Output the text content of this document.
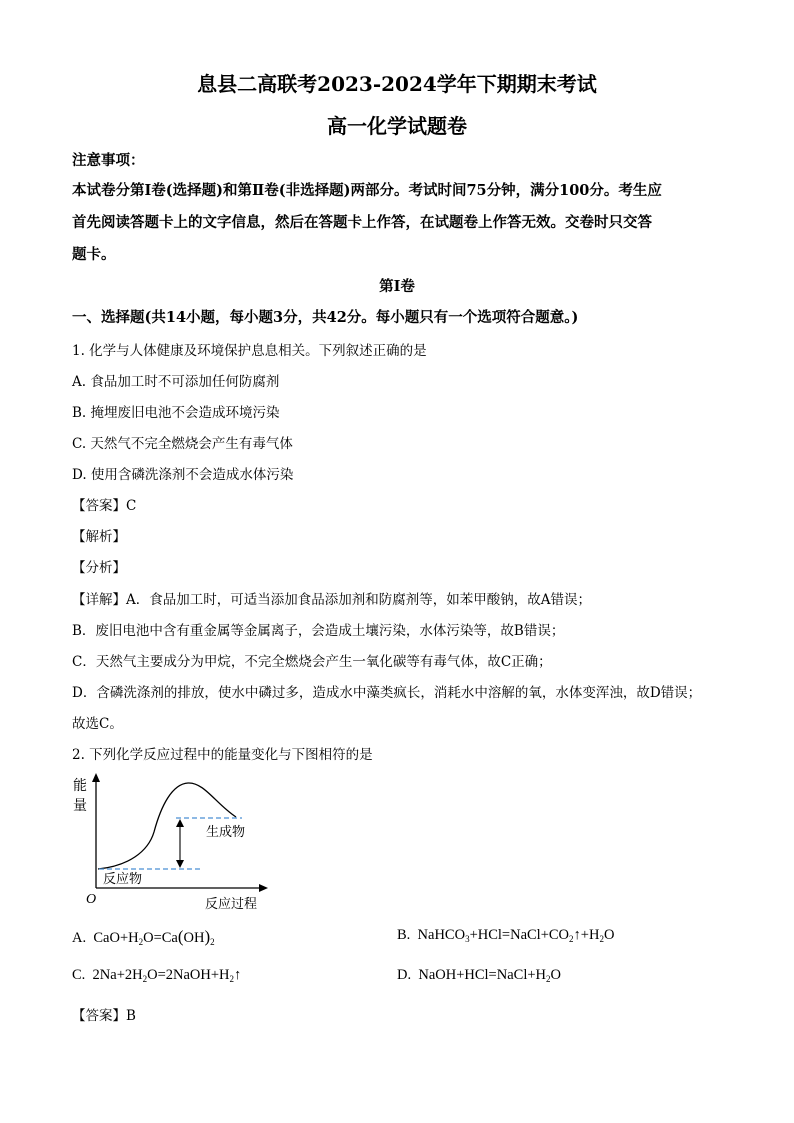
息县二高联考2023-2024学年下期期末考试
高一化学试题卷
注意事项：
本试卷分第Ⅰ卷(选择题)和第Ⅱ卷(非选择题)两部分。考试时间75分钟，满分100分。考生应
首先阅读答题卡上的文字信息，然后在答题卡上作答，在试题卷上作答无效。交卷时只交答
题卡。
第Ⅰ卷
一、选择题(共14小题，每小题3分，共42分。每小题只有一个选项符合题意。)
1. 化学与人体健康及环境保护息息相关。下列叙述正确的是
A. 食品加工时不可添加任何防腐剂
B. 掩埋废旧电池不会造成环境污染
C. 天然气不完全燃烧会产生有毒气体
D. 使用含磷洗涤剂不会造成水体污染
【答案】C
【解析】
【分析】
【详解】A．食品加工时，可适当添加食品添加剂和防腐剂等，如苯甲酸钠，故A错误；
B．废旧电池中含有重金属等金属离子，会造成土壤污染，水体污染等，故B错误；
C．天然气主要成分为甲烷，不完全燃烧会产生一氧化碳等有毒气体，故C正确；
D．含磷洗涤剂的排放，使水中磷过多，造成水中藻类疯长，消耗水中溶解的氧，水体变浑浊，故D错误；
故选C。
2. 下列化学反应过程中的能量变化与下图相符的是
能
量
O	反应过程
生成物
反应物
A.  $CaO+H_2O=Ca(OH)_2$	B.  $NaHCO_3+HCl=NaCl+CO_2↑+H_2O$
C.  $2Na+2H_2O=2NaOH+H_2↑$	D.  $NaOH+HCl=NaCl+H_2O$
【答案】B
